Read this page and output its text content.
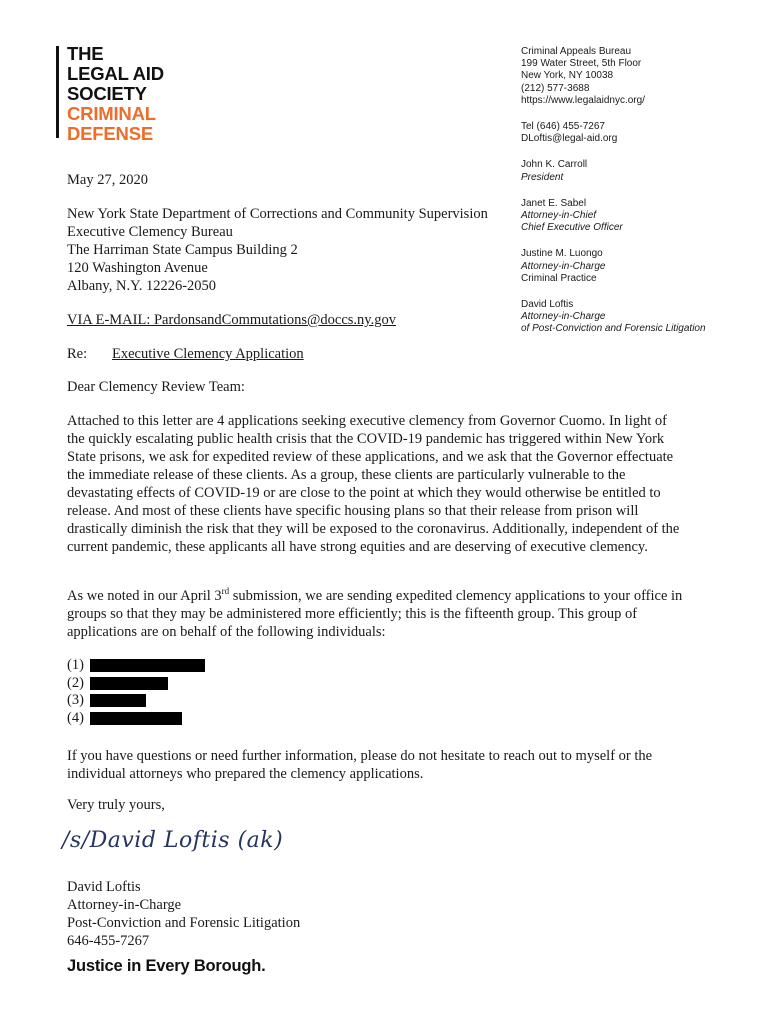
THE
LEGAL AID
SOCIETY
CRIMINAL
DEFENSE
Criminal Appeals Bureau
199 Water Street, 5th Floor
New York, NY 10038
(212) 577-3688
https://www.legalaidnyc.org/
Tel (646) 455-7267
DLoftis@legal-aid.org
John K. Carroll
President
Janet E. Sabel
Attorney-in-Chief
Chief Executive Officer
Justine M. Luongo
Attorney-in-Charge
Criminal Practice
David Loftis
Attorney-in-Charge
of Post-Conviction and Forensic Litigation
May 27, 2020
New York State Department of Corrections and Community Supervision
Executive Clemency Bureau
The Harriman State Campus Building 2
120 Washington Avenue
Albany, N.Y. 12226-2050
VIA E-MAIL: PardonsandCommutations@doccs.ny.gov
Re: Executive Clemency Application
Dear Clemency Review Team:
Attached to this letter are 4 applications seeking executive clemency from Governor Cuomo. In light of the quickly escalating public health crisis that the COVID-19 pandemic has triggered within New York State prisons, we ask for expedited review of these applications, and we ask that the Governor effectuate the immediate release of these clients. As a group, these clients are particularly vulnerable to the devastating effects of COVID-19 or are close to the point at which they would otherwise be entitled to release. And most of these clients have specific housing plans so that their release from prison will drastically diminish the risk that they will be exposed to the coronavirus. Additionally, independent of the current pandemic, these applicants all have strong equities and are deserving of executive clemency.
As we noted in our April 3rd submission, we are sending expedited clemency applications to your office in groups so that they may be administered more efficiently; this is the fifteenth group. This group of applications are on behalf of the following individuals:
(1)
(2)
(3)
(4)
If you have questions or need further information, please do not hesitate to reach out to myself or the individual attorneys who prepared the clemency applications.
Very truly yours,
/s/David Loftis (ak)
David Loftis
Attorney-in-Charge
Post-Conviction and Forensic Litigation
646-455-7267
Justice in Every Borough.
